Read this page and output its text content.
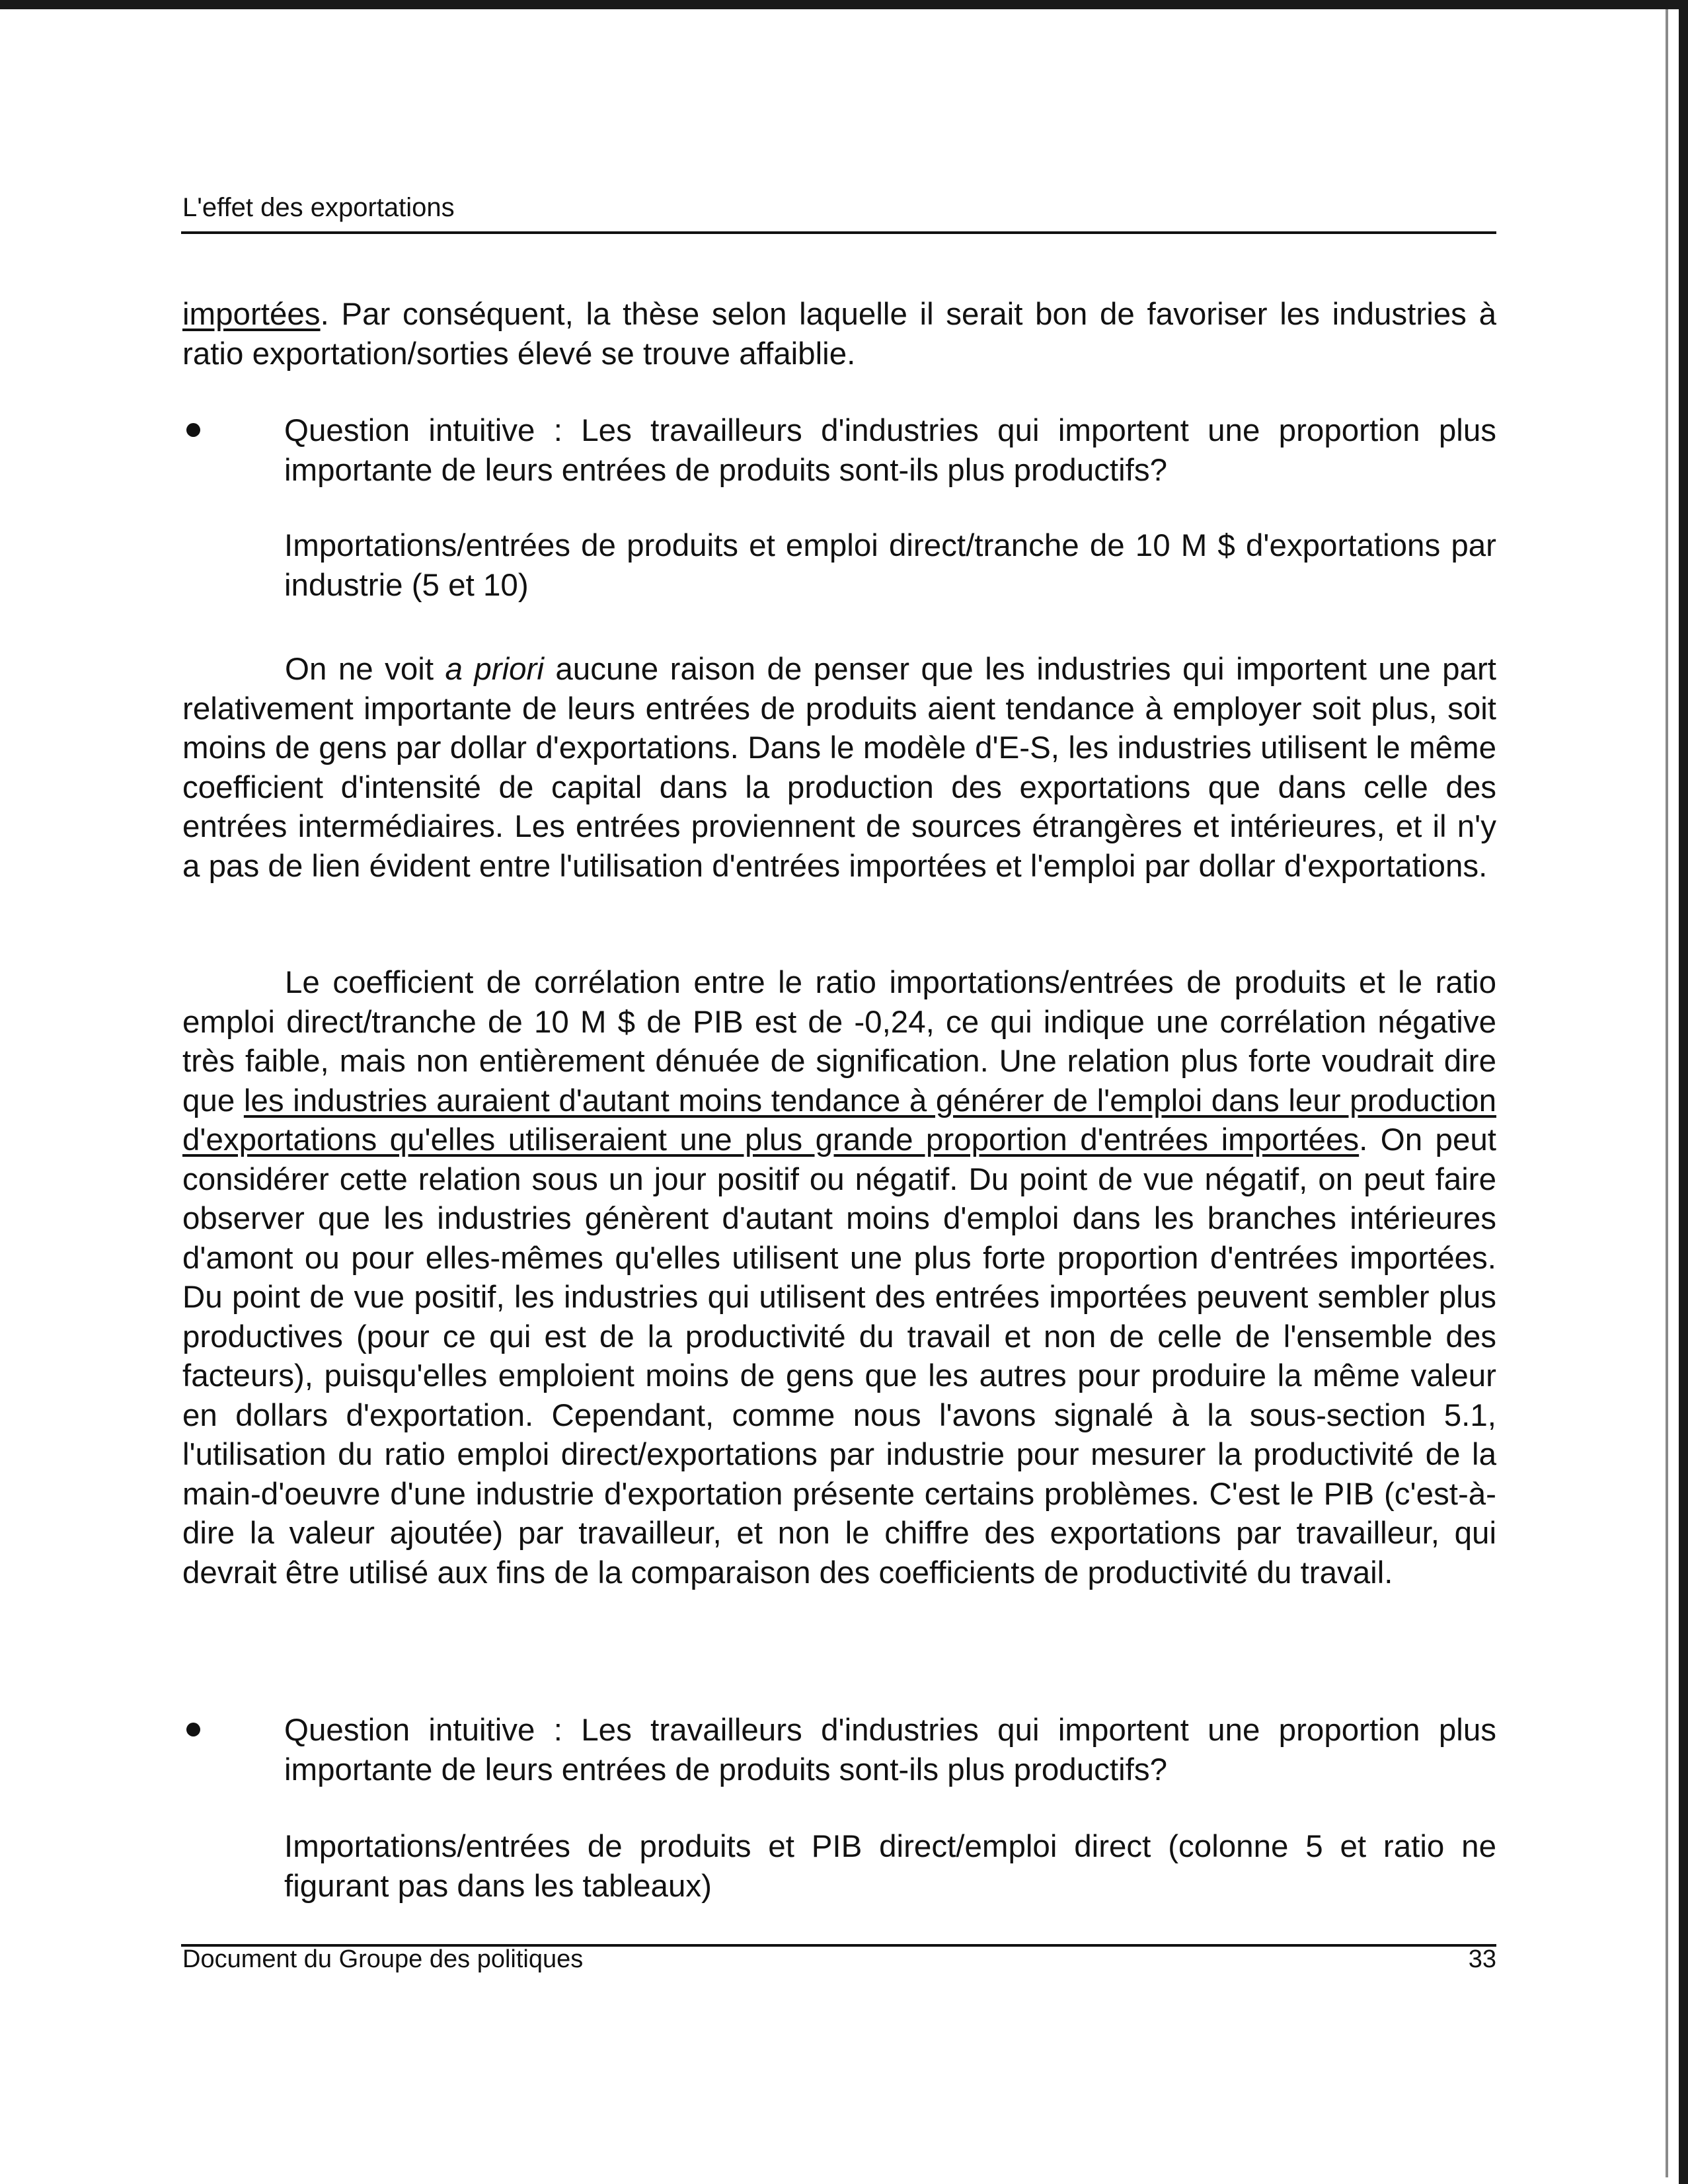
L'effet des exportations
importées. Par conséquent, la thèse selon laquelle il serait bon de favoriser les industries à ratio exportation/sorties élevé se trouve affaiblie.
Question intuitive : Les travailleurs d'industries qui importent une proportion plus importante de leurs entrées de produits sont-ils plus productifs?
Importations/entrées de produits et emploi direct/tranche de 10 M $ d'exportations par industrie (5 et 10)
On ne voit a priori aucune raison de penser que les industries qui importent une part relativement importante de leurs entrées de produits aient tendance à employer soit plus, soit moins de gens par dollar d'exportations. Dans le modèle d'E-S, les industries utilisent le même coefficient d'intensité de capital dans la production des exportations que dans celle des entrées intermédiaires. Les entrées proviennent de sources étrangères et intérieures, et il n'y a pas de lien évident entre l'utilisation d'entrées importées et l'emploi par dollar d'exportations.
Le coefficient de corrélation entre le ratio importations/entrées de produits et le ratio emploi direct/tranche de 10 M $ de PIB est de -0,24, ce qui indique une corrélation négative très faible, mais non entièrement dénuée de signification. Une relation plus forte voudrait dire que les industries auraient d'autant moins tendance à générer de l'emploi dans leur production d'exportations qu'elles utiliseraient une plus grande proportion d'entrées importées. On peut considérer cette relation sous un jour positif ou négatif. Du point de vue négatif, on peut faire observer que les industries génèrent d'autant moins d'emploi dans les branches intérieures d'amont ou pour elles-mêmes qu'elles utilisent une plus forte proportion d'entrées importées. Du point de vue positif, les industries qui utilisent des entrées importées peuvent sembler plus productives (pour ce qui est de la productivité du travail et non de celle de l'ensemble des facteurs), puisqu'elles emploient moins de gens que les autres pour produire la même valeur en dollars d'exportation. Cependant, comme nous l'avons signalé à la sous-section 5.1, l'utilisation du ratio emploi direct/exportations par industrie pour mesurer la productivité de la main-d'oeuvre d'une industrie d'exportation présente certains problèmes. C'est le PIB (c'est-à-dire la valeur ajoutée) par travailleur, et non le chiffre des exportations par travailleur, qui devrait être utilisé aux fins de la comparaison des coefficients de productivité du travail.
Question intuitive : Les travailleurs d'industries qui importent une proportion plus importante de leurs entrées de produits sont-ils plus productifs?
Importations/entrées de produits et PIB direct/emploi direct (colonne 5 et ratio ne figurant pas dans les tableaux)
Document du Groupe des politiques	33
